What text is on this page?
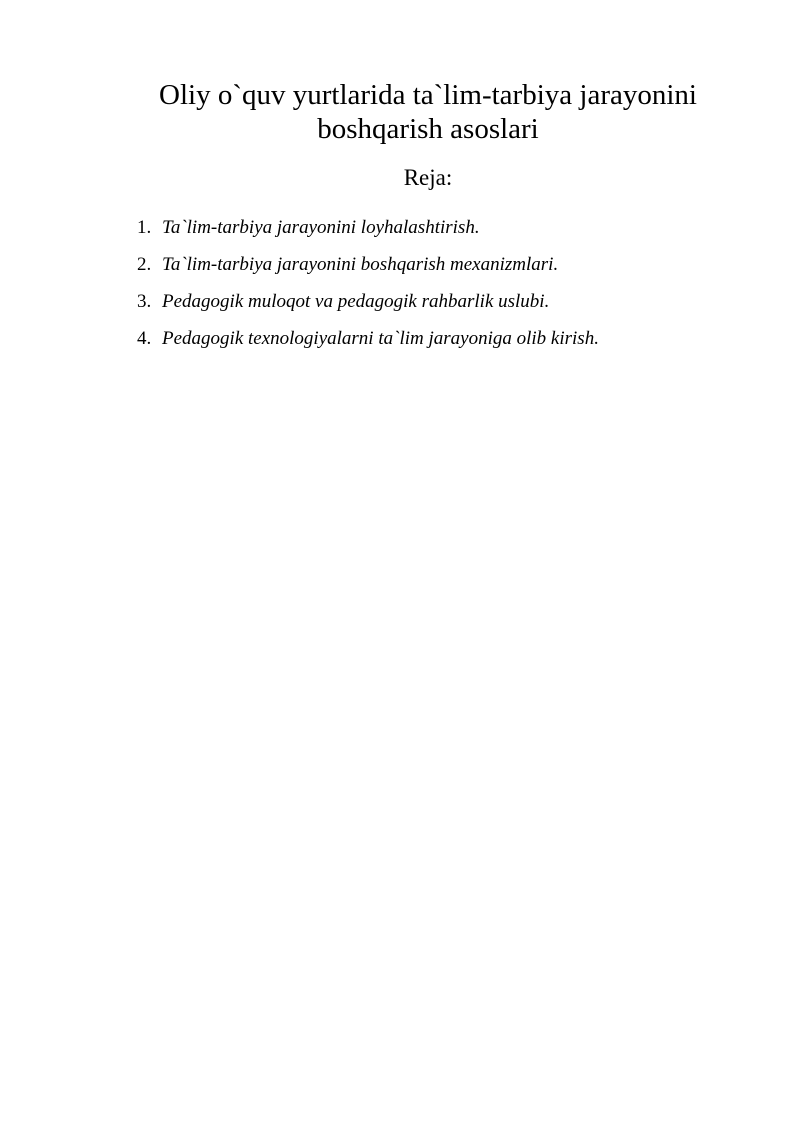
Oliy o`quv yurtlarida ta`lim-tarbiya jarayonini
boshqarish asoslari

Reja:

1. Ta`lim-tarbiya jarayonini loyhalashtirish.
2. Ta`lim-tarbiya jarayonini boshqarish mexanizmlari.
3. Pedagogik muloqot va pedagogik rahbarlik uslubi.
4. Pedagogik texnologiyalarni ta`lim jarayoniga olib kirish.
